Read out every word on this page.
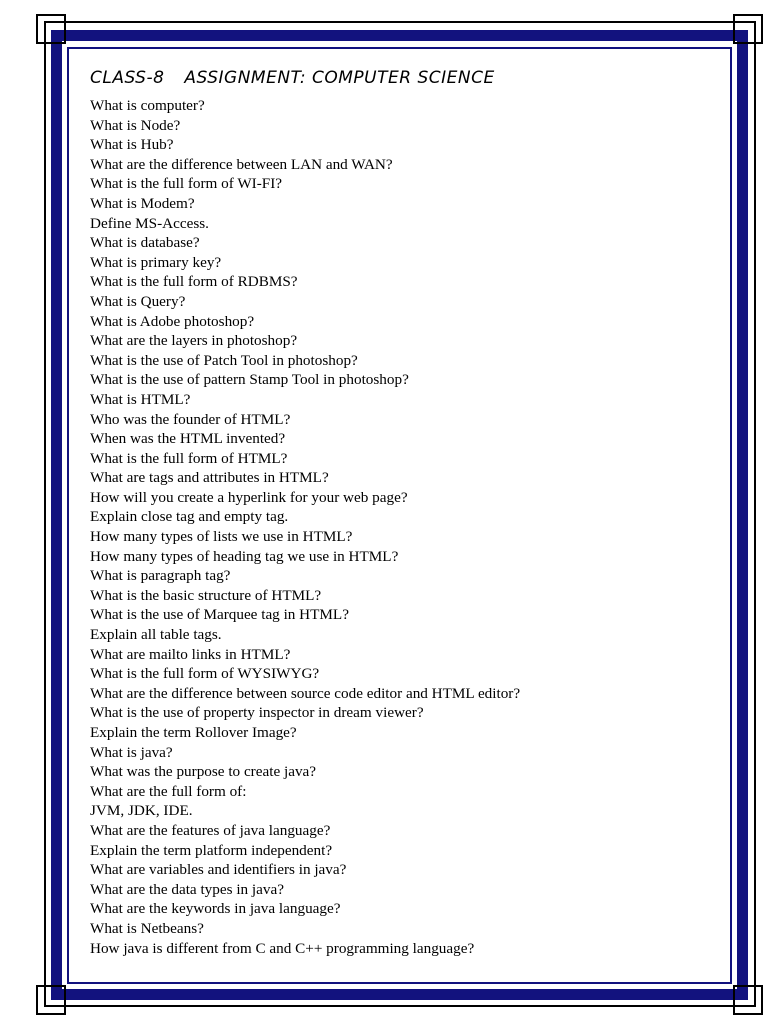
CLASS-8 ASSIGNMENT: COMPUTER SCIENCE
What is computer?
What is Node?
What is Hub?
What are the difference between LAN and WAN?
What is the full form of WI-FI?
What is Modem?
Define MS-Access.
What is database?
What is primary key?
What is the full form of RDBMS?
What is Query?
What is Adobe photoshop?
What are the layers in photoshop?
What is the use of Patch Tool in photoshop?
What is the use of pattern Stamp Tool in photoshop?
What is HTML?
Who was the founder of HTML?
When was the HTML invented?
What is the full form of HTML?
What are tags and attributes in HTML?
How will you create a hyperlink for your web page?
Explain close tag and empty tag.
How many types of lists we use in HTML?
How many types of heading tag we use in HTML?
What is paragraph tag?
What is the basic structure of HTML?
What is the use of Marquee tag in HTML?
Explain all table tags.
What are mailto links in HTML?
What is the full form of WYSIWYG?
What are the difference between source code editor and HTML editor?
What is the use of property inspector in dream viewer?
Explain the term Rollover Image?
What is java?
What was the purpose to create java?
What are the full form of:
JVM, JDK, IDE.
What are the features of java language?
Explain the term platform independent?
What are variables and identifiers in java?
What are the data types in java?
What are the keywords in java language?
What is Netbeans?
How java is different from C and C++ programming language?
